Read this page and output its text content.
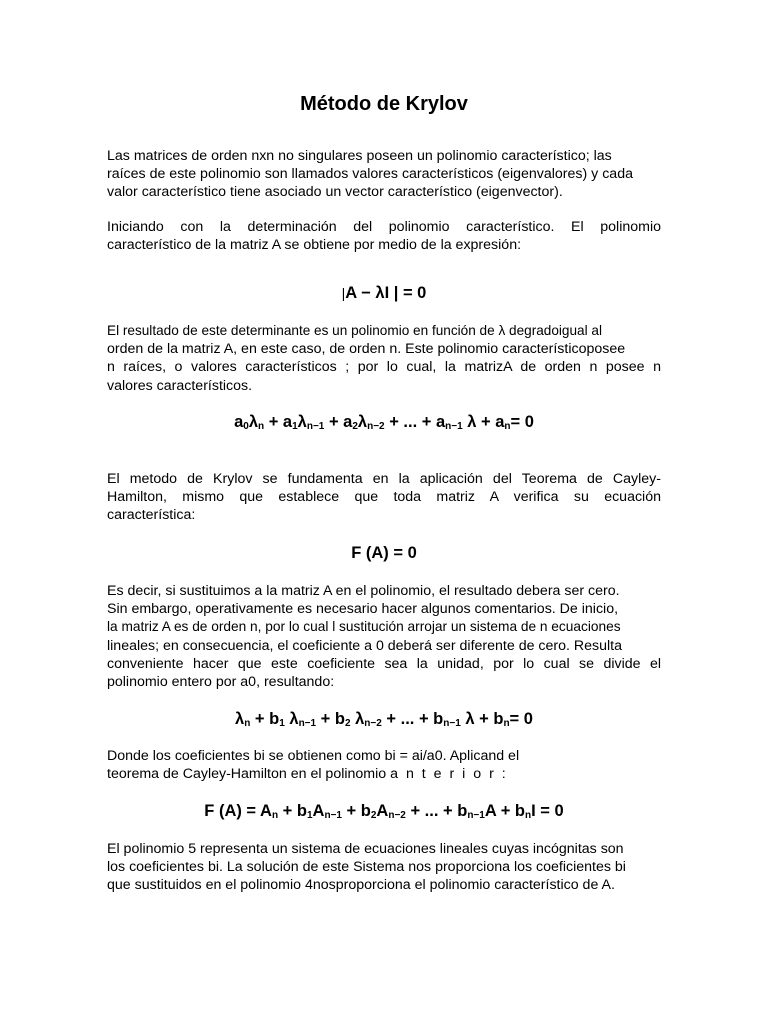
Método de Krylov

Las matrices de orden nxn no singulares poseen un polinomio característico; las
raíces de este polinomio son llamados valores característicos (eigenvalores) y cada
valor característico tiene asociado un vector característico (eigenvector).

Iniciando con la determinación del polinomio característico. El polinomio
característico de la matriz A se obtiene por medio de la expresión:

|A − λI | = 0

El resultado de este determinante es un polinomio en función de λ degradoigual al
orden de la matriz A, en este caso, de orden n. Este polinomio característicoposee
n raíces, o valores característicos ; por lo cual, la matrizA de orden n posee n
valores característicos.

$a_0\lambda_n + a_1\lambda_{n-1} + a_2\lambda_{n-2}$ + ... + $a_{n-1}$ $\lambda + a_n= 0$

El metodo de Krylov se fundamenta en la aplicación del Teorema de Cayley-
Hamilton, mismo que establece que toda matriz A verifica su ecuación
característica:

F (A) = 0

Es decir, si sustituimos a la matriz A en el polinomio, el resultado debera ser cero.
Sin embargo, operativamente es necesario hacer algunos comentarios. De inicio,
la matriz A es de orden n, por lo cual l sustitución arrojar un sistema de n ecuaciones
lineales; en consecuencia, el coeficiente a 0 deberá ser diferente de cero. Resulta
conveniente hacer que este coeficiente sea la unidad, por lo cual se divide el
polinomio entero por a0, resultando:

$\lambda_n + b_1$ $\lambda_{n-1} + b_2$ $\lambda_{n-2}$ + ... + $b_{n-1}$ $\lambda + b_n= 0$

Donde los coeficientes bi se obtienen como bi = ai/a0. Aplicand el
teorema de Cayley-Hamilton en el polinomio a n t e r i o r :

F $(A) = A_n + b_1A_{n-1} + b_2A_{n-2}$ + ... + $b_{n-1}A + b_nI = 0$

El polinomio 5 representa un sistema de ecuaciones lineales cuyas incógnitas son
los coeficientes bi. La solución de este Sistema nos proporciona los coeficientes bi
que sustituidos en el polinomio 4nosproporciona el polinomio característico de A.
